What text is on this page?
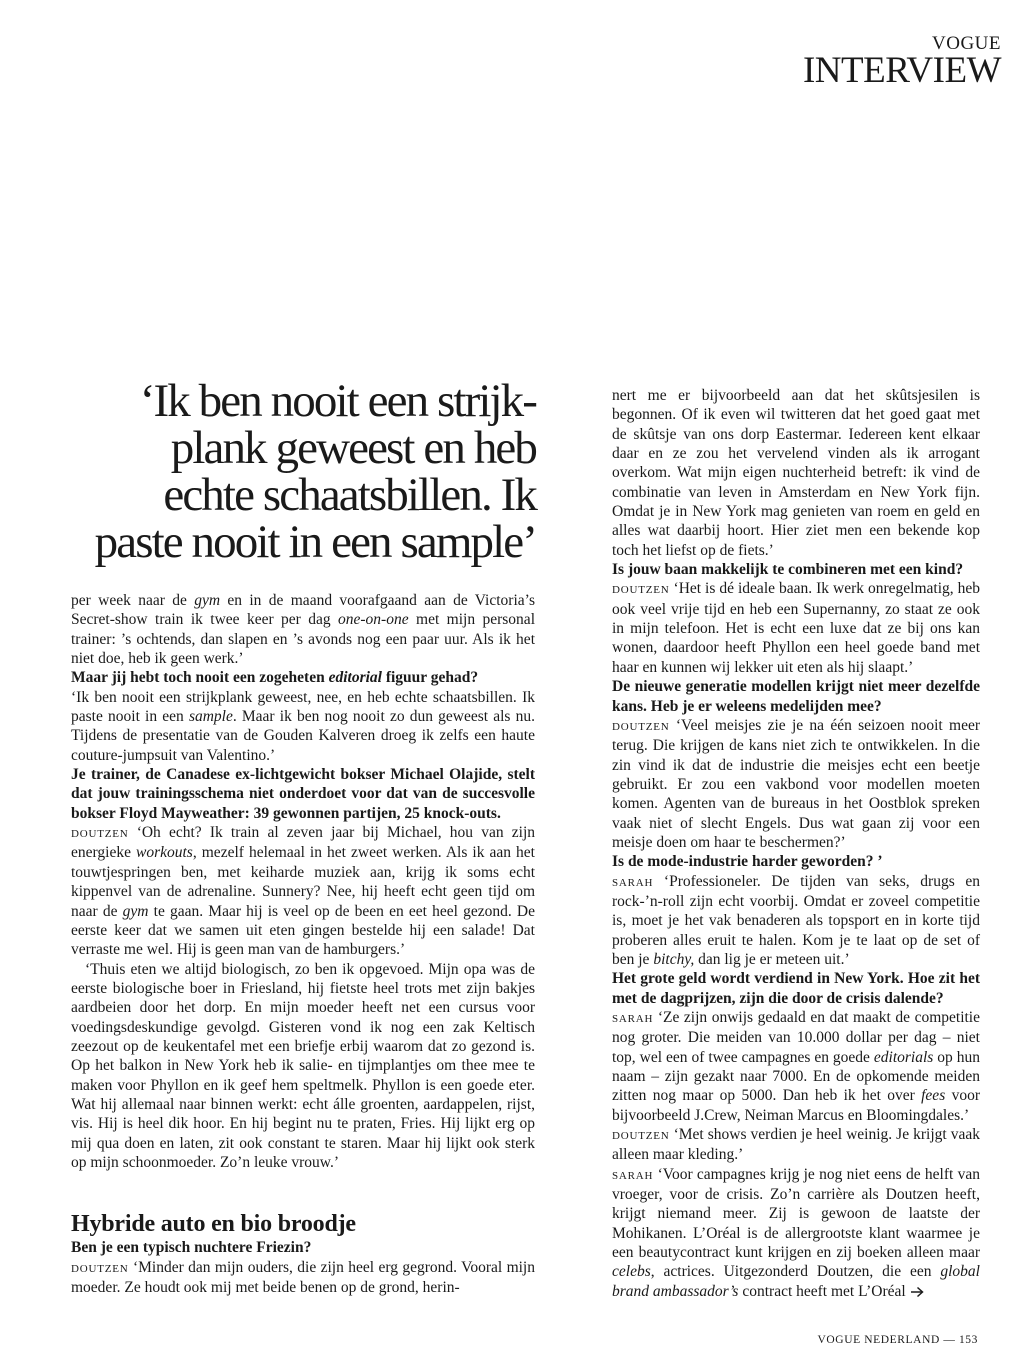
VOGUE
INTERVIEW
‘Ik ben nooit een strijk-
plank geweest en heb
echte schaatsbillen. Ik
paste nooit in een sample’

per week naar de gym en in de maand voorafgaand aan de Victoria’s Secret-show train ik twee keer per dag one-on-one met mijn personal trainer: ’s ochtends, dan slapen en ’s avonds nog een paar uur. Als ik het niet doe, heb ik geen werk.’

Maar jij hebt toch nooit een zogeheten editorial figuur gehad?

‘Ik ben nooit een strijkplank geweest, nee, en heb echte schaatsbillen. Ik paste nooit in een sample. Maar ik ben nog nooit zo dun geweest als nu. Tijdens de presentatie van de Gouden Kalveren droeg ik zelfs een haute couture-jumpsuit van Valentino.’

Je trainer, de Canadese ex-lichtgewicht bokser Michael Olajide, stelt dat jouw trainingsschema niet onderdoet voor dat van de succesvolle bokser Floyd Mayweather: 39 gewonnen partijen, 25 knock-outs.

doutzen ‘Oh echt? Ik train al zeven jaar bij Michael, hou van zijn energieke workouts, mezelf helemaal in het zweet werken. Als ik aan het touwtjespringen ben, met keiharde muziek aan, krijg ik soms echt kippenvel van de adrenaline. Sunnery? Nee, hij heeft echt geen tijd om naar de gym te gaan. Maar hij is veel op de been en eet heel gezond. De eerste keer dat we samen uit eten gingen bestelde hij een salade! Dat verraste me wel. Hij is geen man van de hamburgers.’

‘Thuis eten we altijd biologisch, zo ben ik opgevoed. Mijn opa was de eerste biologische boer in Friesland, hij fietste heel trots met zijn bakjes aardbeien door het dorp. En mijn moeder heeft net een cursus voor voedingsdeskundige gevolgd. Gisteren vond ik nog een zak Keltisch zeezout op de keukentafel met een briefje erbij waarom dat zo gezond is. Op het balkon in New York heb ik salie- en tijmplantjes om thee mee te maken voor Phyllon en ik geef hem speltmelk. Phyllon is een goede eter. Wat hij allemaal naar binnen werkt: echt álle groenten, aardappelen, rijst, vis. Hij is heel dik hoor. En hij begint nu te praten, Fries. Hij lijkt erg op mij qua doen en laten, zit ook constant te staren. Maar hij lijkt ook sterk op mijn schoonmoeder. Zo’n leuke vrouw.’

Hybride auto en bio broodje

Ben je een typisch nuchtere Friezin?

doutzen ‘Minder dan mijn ouders, die zijn heel erg gegrond. Vooral mijn moeder. Ze houdt ook mij met beide benen op de grond, herin-

nert me er bijvoorbeeld aan dat het skûtsjesilen is begonnen. Of ik even wil twitteren dat het goed gaat met de skûtsje van ons dorp Eastermar. Iedereen kent elkaar daar en ze zou het vervelend vinden als ik arrogant overkom. Wat mijn eigen nuchterheid betreft: ik vind de combinatie van leven in Amsterdam en New York fijn. Omdat je in New York mag genieten van roem en geld en alles wat daarbij hoort. Hier ziet men een bekende kop toch het liefst op de fiets.’

Is jouw baan makkelijk te combineren met een kind?

doutzen ‘Het is dé ideale baan. Ik werk onregelmatig, heb ook veel vrije tijd en heb een Supernanny, zo staat ze ook in mijn telefoon. Het is echt een luxe dat ze bij ons kan wonen, daardoor heeft Phyllon een heel goede band met haar en kunnen wij lekker uit eten als hij slaapt.’

De nieuwe generatie modellen krijgt niet meer dezelfde kans. Heb je er weleens medelijden mee?

doutzen ‘Veel meisjes zie je na één seizoen nooit meer terug. Die krijgen de kans niet zich te ontwikkelen. In die zin vind ik dat de industrie die meisjes echt een beetje gebruikt. Er zou een vakbond voor modellen moeten komen. Agenten van de bureaus in het Oostblok spreken vaak niet of slecht Engels. Dus wat gaan zij voor een meisje doen om haar te beschermen?’

Is de mode-industrie harder geworden? ’

sarah ‘Professioneler. De tijden van seks, drugs en rock-’n-roll zijn echt voorbij. Omdat er zoveel competitie is, moet je het vak benaderen als topsport en in korte tijd proberen alles eruit te halen. Kom je te laat op de set of ben je bitchy, dan lig je er meteen uit.’

Het grote geld wordt verdiend in New York. Hoe zit het met de dagprijzen, zijn die door de crisis dalende?

sarah ‘Ze zijn onwijs gedaald en dat maakt de competitie nog groter. Die meiden van 10.000 dollar per dag – niet top, wel een of twee campagnes en goede editorials op hun naam – zijn gezakt naar 7000. En de opkomende meiden zitten nog maar op 5000. Dan heb ik het over fees voor bijvoorbeeld J.Crew, Neiman Marcus en Bloomingdales.’

doutzen ‘Met shows verdien je heel weinig. Je krijgt vaak alleen maar kleding.’

sarah ‘Voor campagnes krijg je nog niet eens de helft van vroeger, voor de crisis. Zo’n carrière als Doutzen heeft, krijgt niemand meer. Zij is gewoon de laatste der Mohikanen. L’Oréal is de allergrootste klant waarmee je een beautycontract kunt krijgen en zij boeken alleen maar celebs, actrices. Uitgezonderd Doutzen, die een global brand ambassador’s contract heeft met L’Oréal

VOGUE NEDERLAND — 153
